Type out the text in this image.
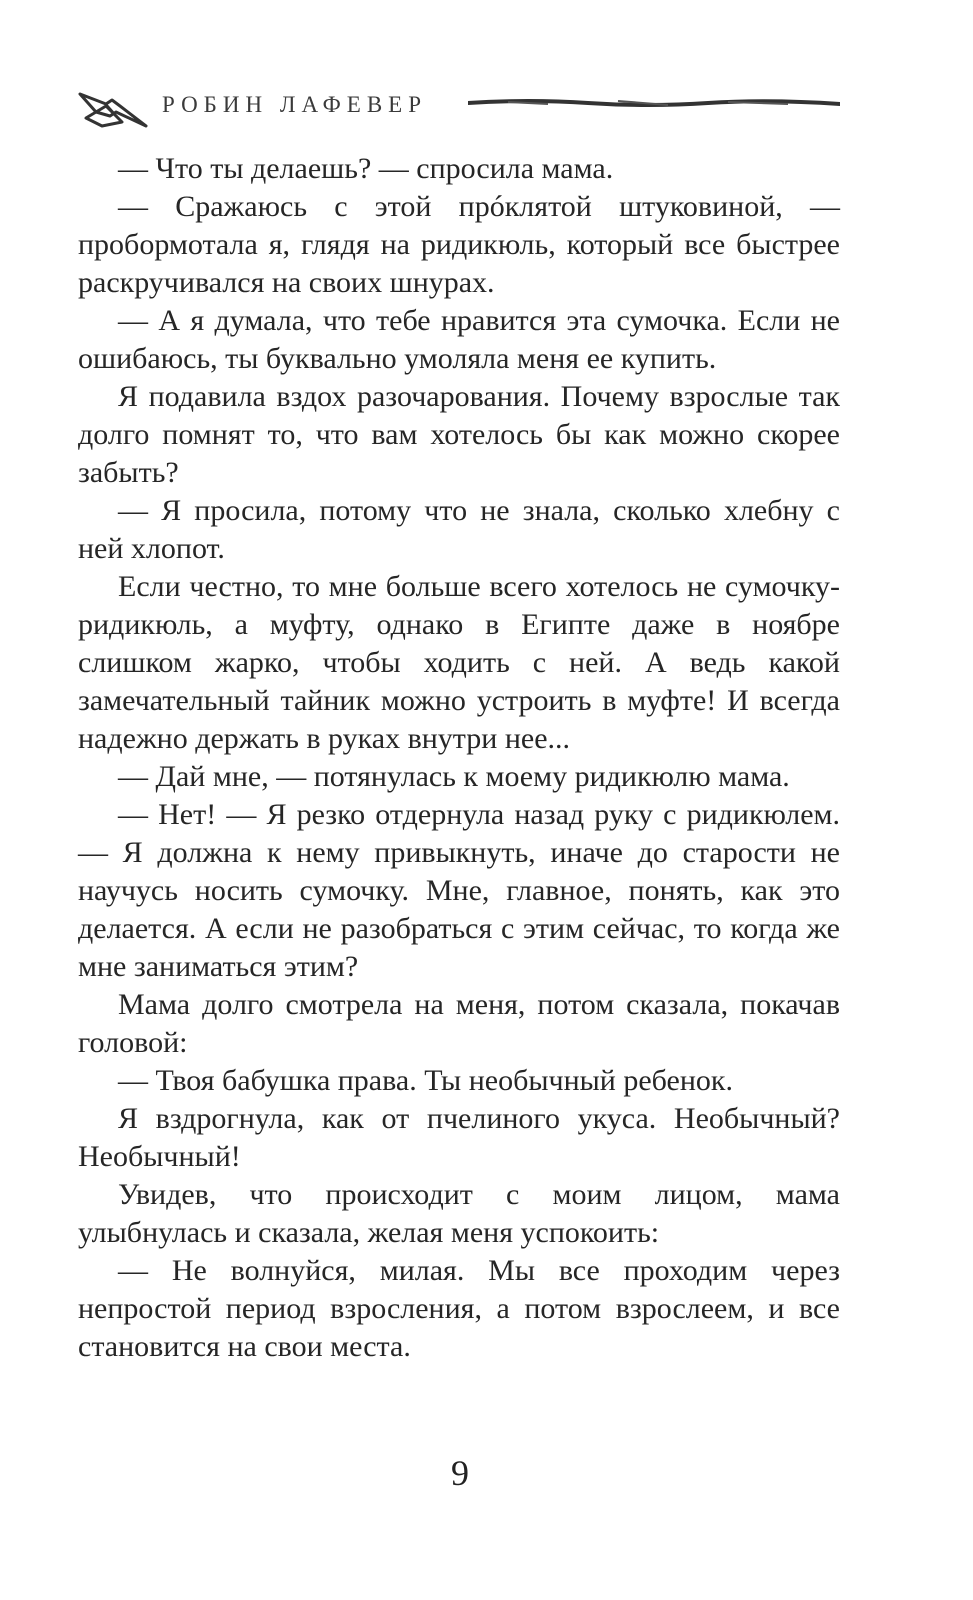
РОБИН ЛАФЕВЕР

— Что ты делаешь? — спросила мама.

— Сражаюсь с этой прóклятой штуковиной, — пробормотала я, глядя на ридикюль, который все быстрее раскручивался на своих шнурах.

— А я думала, что тебе нравится эта сумочка. Если не ошибаюсь, ты буквально умоляла меня ее купить.

Я подавила вздох разочарования. Почему взрослые так долго помнят то, что вам хотелось бы как можно скорее забыть?

— Я просила, потому что не знала, сколько хлебну с ней хлопот.

Если честно, то мне больше всего хотелось не сумочку-ридикюль, а муфту, однако в Египте даже в ноябре слишком жарко, чтобы ходить с ней. А ведь какой замечательный тайник можно устроить в муфте! И всегда надежно держать в руках внутри нее...

— Дай мне, — потянулась к моему ридикюлю мама.

— Нет! — Я резко отдернула назад руку с ридикюлем. — Я должна к нему привыкнуть, иначе до старости не научусь носить сумочку. Мне, главное, понять, как это делается. А если не разобраться с этим сейчас, то когда же мне заниматься этим?

Мама долго смотрела на меня, потом сказала, покачав головой:

— Твоя бабушка права. Ты необычный ребенок.

Я вздрогнула, как от пчелиного укуса. Необычный? Необычный!

Увидев, что происходит с моим лицом, мама улыбнулась и сказала, желая меня успокоить:

— Не волнуйся, милая. Мы все проходим через непростой период взросления, а потом взрослеем, и все становится на свои места.

9
